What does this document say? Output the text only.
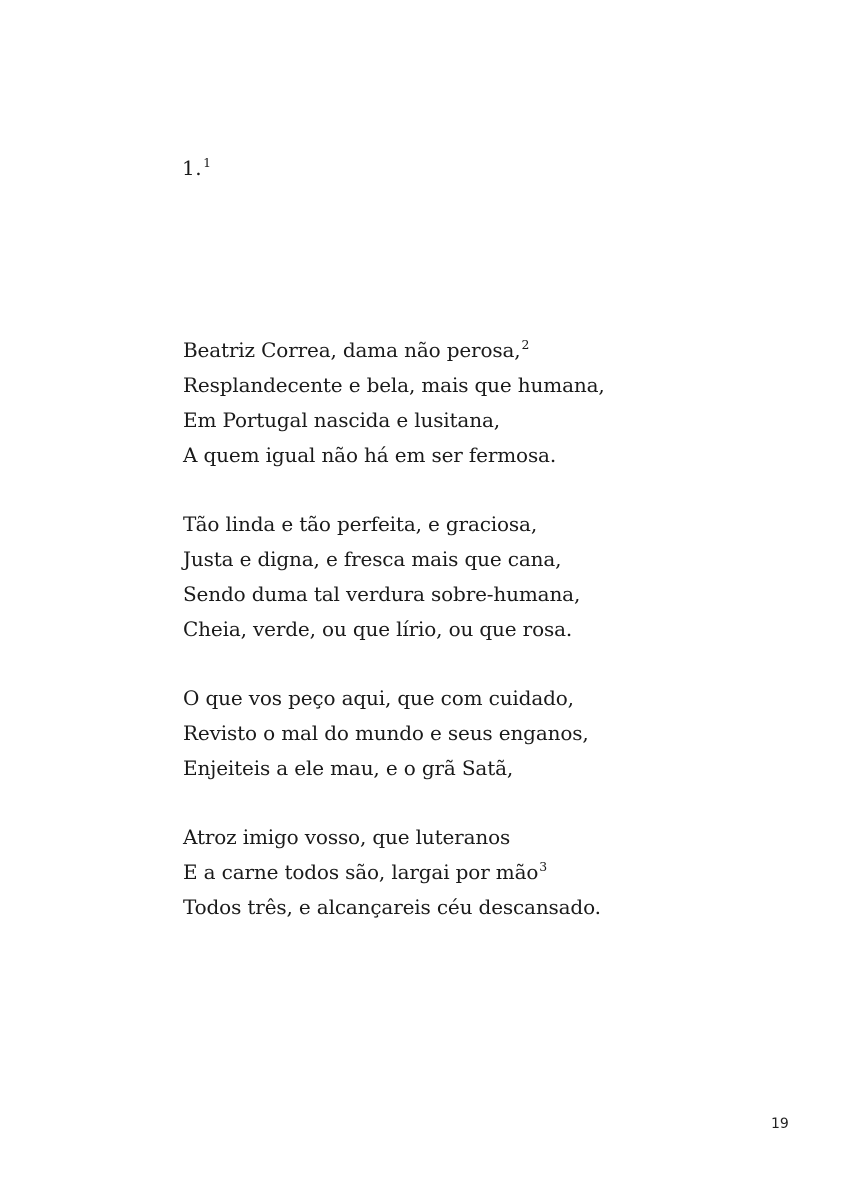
1.$^1$
Beatriz Correa, dama não perosa,$^2$
Resplandecente e bela, mais que humana,
Em Portugal nascida e lusitana,
A quem igual não há em ser fermosa.
Tão linda e tão perfeita, e graciosa,
Justa e digna, e fresca mais que cana,
Sendo duma tal verdura sobre-humana,
Cheia, verde, ou que lírio, ou que rosa.
O que vos peço aqui, que com cuidado,
Revisto o mal do mundo e seus enganos,
Enjeiteis a ele mau, e o grã Satã,
Atroz imigo vosso, que luteranos
E a carne todos são, largai por mão$^3$
Todos três, e alcançareis céu descansado.
19
